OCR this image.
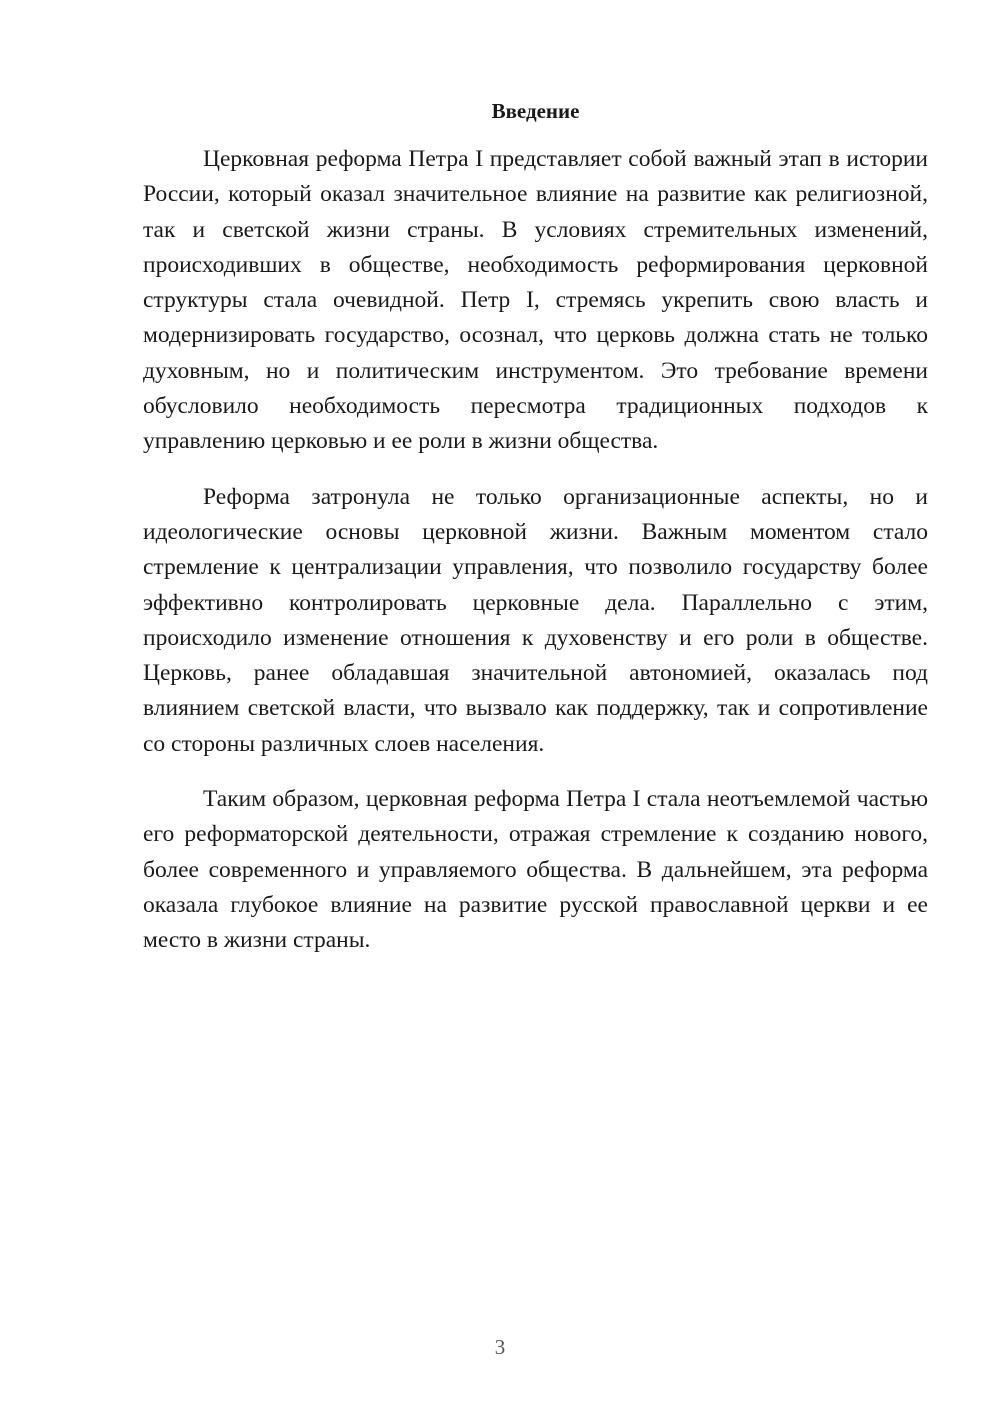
Введение

Церковная реформа Петра I представляет собой важный этап в истории России, который оказал значительное влияние на развитие как религиозной, так и светской жизни страны. В условиях стремительных изменений, происходивших в обществе, необходимость реформирования церковной структуры стала очевидной. Петр I, стремясь укрепить свою власть и модернизировать государство, осознал, что церковь должна стать не только духовным, но и политическим инструментом. Это требование времени обусловило необходимость пересмотра традиционных подходов к управлению церковью и ее роли в жизни общества.

Реформа затронула не только организационные аспекты, но и идеологические основы церковной жизни. Важным моментом стало стремление к централизации управления, что позволило государству более эффективно контролировать церковные дела. Параллельно с этим, происходило изменение отношения к духовенству и его роли в обществе. Церковь, ранее обладавшая значительной автономией, оказалась под влиянием светской власти, что вызвало как поддержку, так и сопротивление со стороны различных слоев населения.

Таким образом, церковная реформа Петра I стала неотъемлемой частью его реформаторской деятельности, отражая стремление к созданию нового, более современного и управляемого общества. В дальнейшем, эта реформа оказала глубокое влияние на развитие русской православной церкви и ее место в жизни страны.

3
